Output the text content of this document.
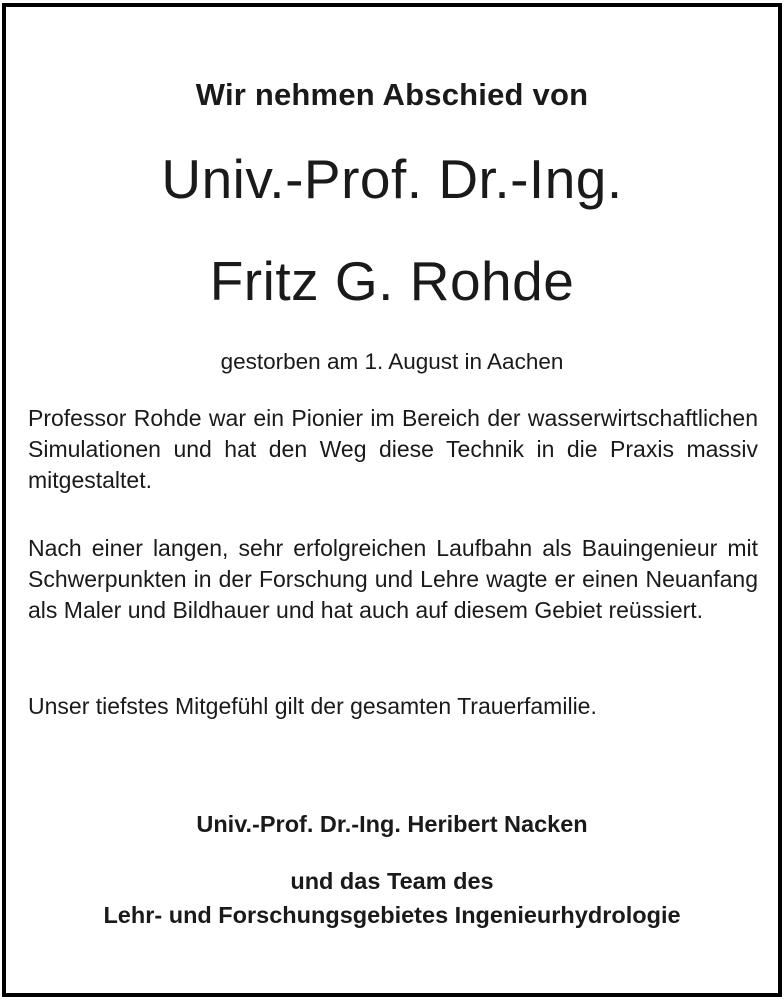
Wir nehmen Abschied von
Univ.-Prof. Dr.-Ing.
Fritz G. Rohde
gestorben am 1. August in Aachen

Professor Rohde war ein Pionier im Bereich der wasserwirtschaftlichen Simulationen und hat den Weg diese Technik in die Praxis massiv mitgestaltet.

Nach einer langen, sehr erfolgreichen Laufbahn als Bauingenieur mit Schwerpunkten in der Forschung und Lehre wagte er einen Neuanfang als Maler und Bildhauer und hat auch auf diesem Gebiet reüssiert.

Unser tiefstes Mitgefühl gilt der gesamten Trauerfamilie.

Univ.-Prof. Dr.-Ing. Heribert Nacken
und das Team des
Lehr- und Forschungsgebietes Ingenieurhydrologie
